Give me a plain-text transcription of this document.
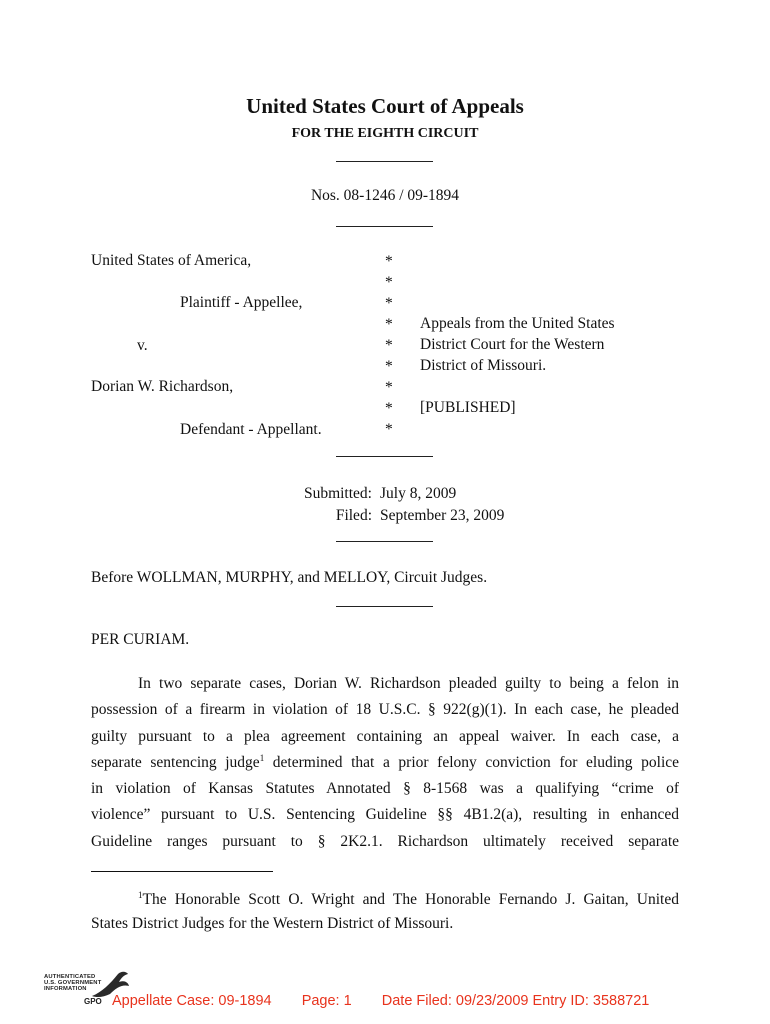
United States Court of Appeals
FOR THE EIGHTH CIRCUIT
Nos. 08-1246 / 09-1894
United States of America,
Plaintiff - Appellee,
v.
Dorian W. Richardson,
Defendant - Appellant.
*
*
*
*
*
*
*
*
*
Appeals from the United States
District Court for the Western
District of Missouri.
[PUBLISHED]
Submitted: July 8, 2009
Filed: September 23, 2009
Before WOLLMAN, MURPHY, and MELLOY, Circuit Judges.
PER CURIAM.
In two separate cases, Dorian W. Richardson pleaded guilty to being a felon in
possession of a firearm in violation of 18 U.S.C. § 922(g)(1). In each case, he pleaded
guilty pursuant to a plea agreement containing an appeal waiver. In each case, a
separate sentencing judge$^1$ determined that a prior felony conviction for eluding police
in violation of Kansas Statutes Annotated § 8-1568 was a qualifying “crime of
violence” pursuant to U.S. Sentencing Guideline §§ 4B1.2(a), resulting in enhanced
Guideline ranges pursuant to § 2K2.1. Richardson ultimately received separate
$^1$The Honorable Scott O. Wright and The Honorable Fernando J. Gaitan, United
States District Judges for the Western District of Missouri.
AUTHENTICATED
U.S. GOVERNMENT
INFORMATION
GPO Appellate Case: 09-1894 Page: 1 Date Filed: 09/23/2009 Entry ID: 3588721
